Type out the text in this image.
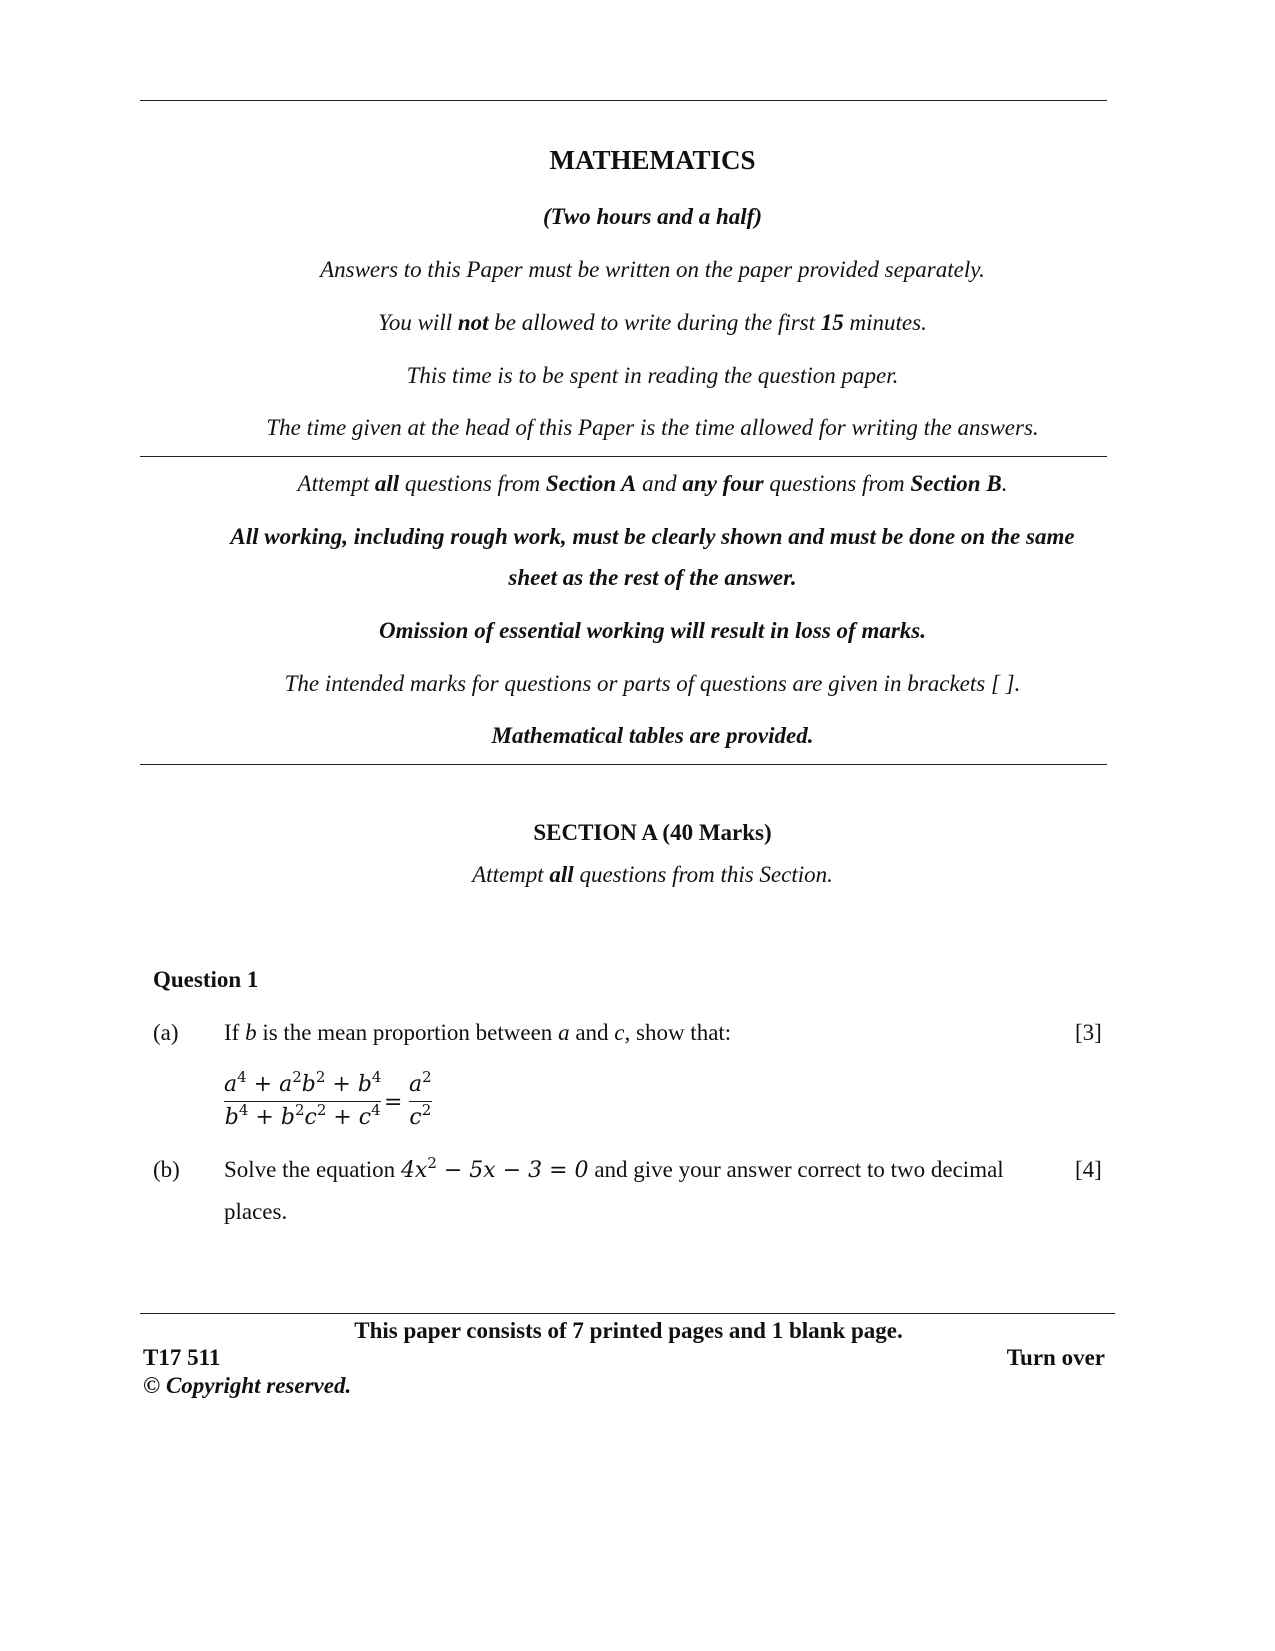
MATHEMATICS
(Two hours and a half)
Answers to this Paper must be written on the paper provided separately.
You will not be allowed to write during the first 15 minutes.
This time is to be spent in reading the question paper.
The time given at the head of this Paper is the time allowed for writing the answers.
Attempt all questions from Section A and any four questions from Section B.
All working, including rough work, must be clearly shown and must be done on the same
sheet as the rest of the answer.
Omission of essential working will result in loss of marks.
The intended marks for questions or parts of questions are given in brackets [ ].
Mathematical tables are provided.
SECTION A (40 Marks)
Attempt all questions from this Section.
Question 1
(a) If b is the mean proportion between a and c, show that:	[3]
$a^4 + a^2b^2 + b^4$
$b^4 + b^2c^2 + c^4$ =
$a^2$
$c^2$
(b) Solve the equation $4x^2 - 5x - 3 = 0$ and give your answer correct to two decimal
places.
[4]
This paper consists of 7 printed pages and 1 blank page.
T17 511	Turn over
© Copyright reserved.
